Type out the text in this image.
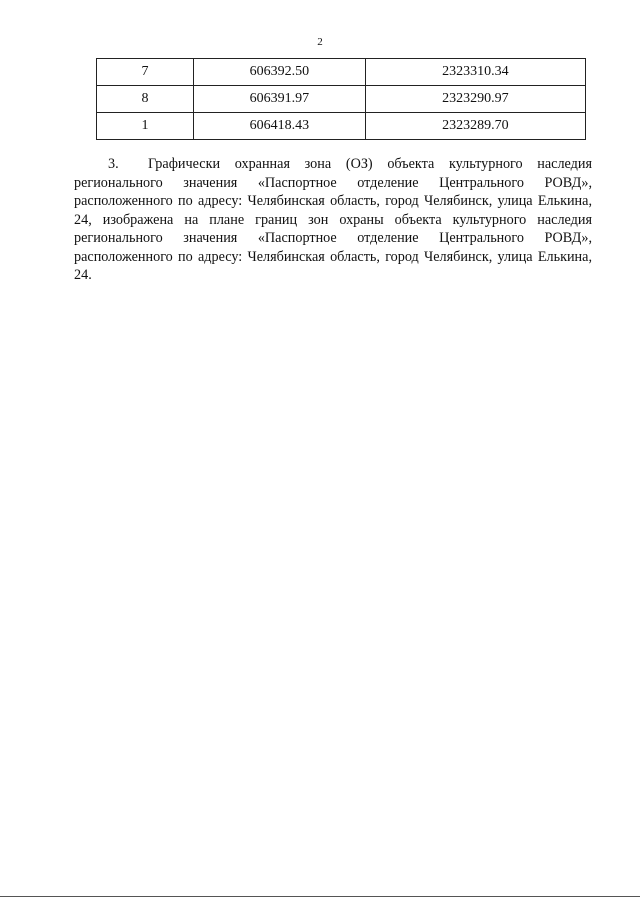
2
7	606392.50	2323310.34
8	606391.97	2323290.97
1	606418.43	2323289.70

3. Графически охранная зона (ОЗ) объекта культурного наследия регионального значения «Паспортное отделение Центрального РОВД», расположенного по адресу: Челябинская область, город Челябинск, улица Елькина, 24, изображена на плане границ зон охраны объекта культурного наследия регионального значения «Паспортное отделение Центрального РОВД», расположенного по адресу: Челябинская область, город Челябинск, улица Елькина, 24.
